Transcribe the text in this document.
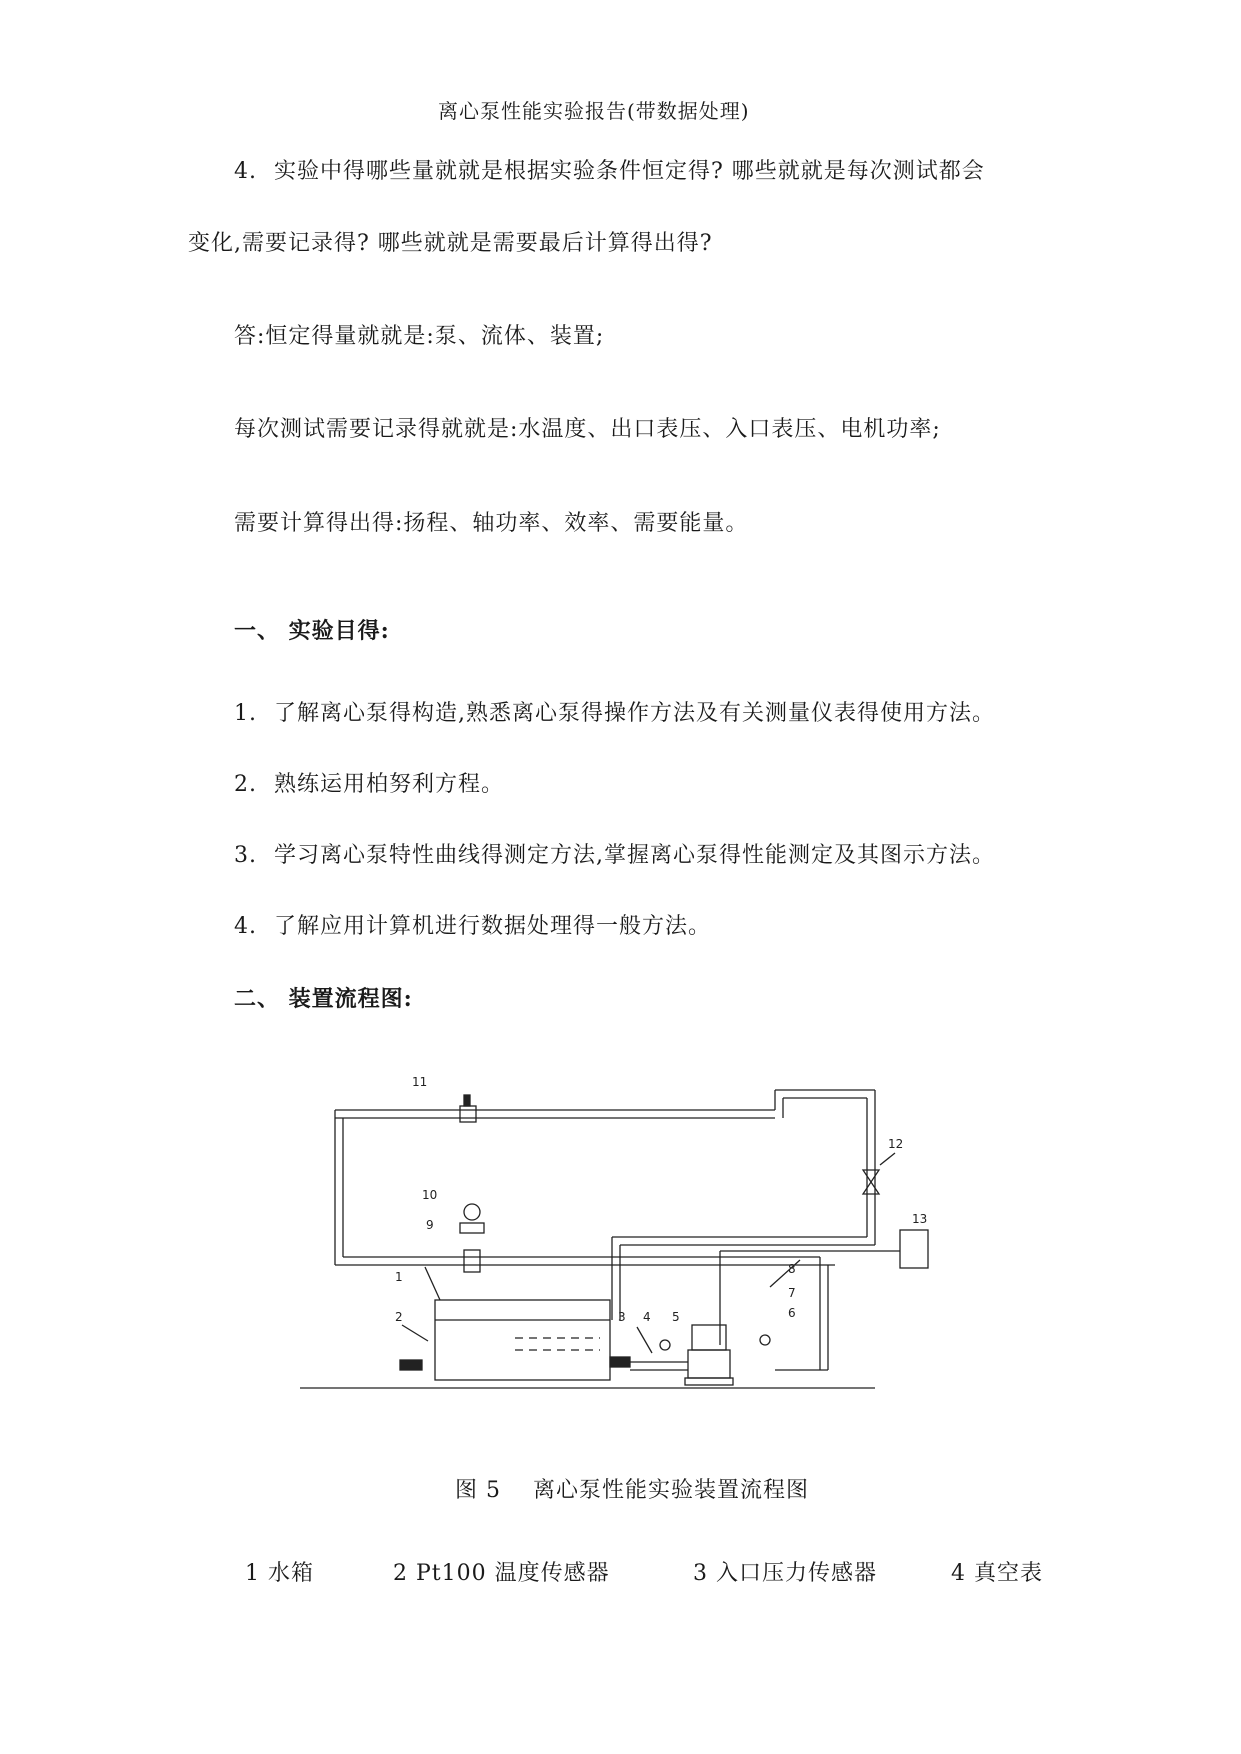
离心泵性能实验报告(带数据处理)
4. 实验中得哪些量就就是根据实验条件恒定得? 哪些就就是每次测试都会
变化,需要记录得? 哪些就就是需要最后计算得出得?
答:恒定得量就就是:泵、流体、装置;
每次测试需要记录得就就是:水温度、出口表压、入口表压、电机功率;
需要计算得出得:扬程、轴功率、效率、需要能量。
一、 实验目得:
1. 了解离心泵得构造,熟悉离心泵得操作方法及有关测量仪表得使用方法。
2. 熟练运用柏努利方程。
3. 学习离心泵特性曲线得测定方法,掌握离心泵得性能测定及其图示方法。
4. 了解应用计算机进行数据处理得一般方法。
二、 装置流程图:
11
12
13
10
9
1
2	3 4 5	6
7
8
图 5    离心泵性能实验装置流程图
1 水箱	2 Pt100 温度传感器	3 入口压力传感器	4 真空表
